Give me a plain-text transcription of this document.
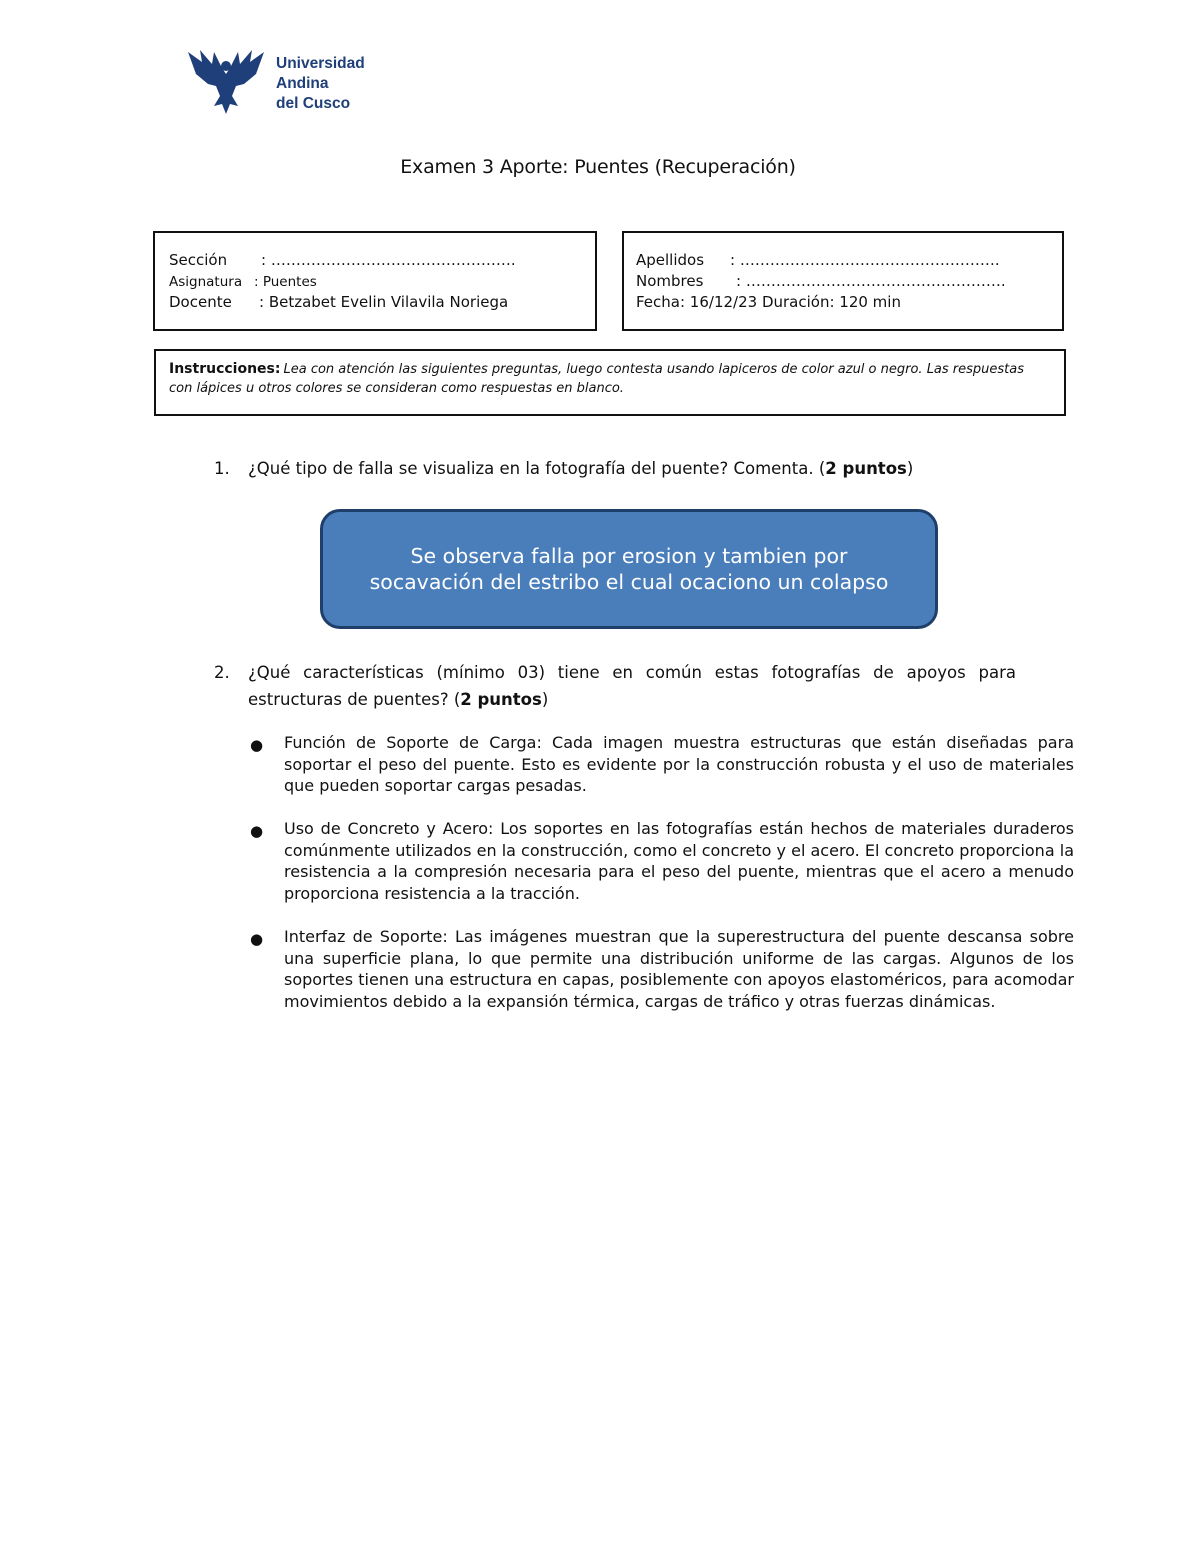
Universidad
Andina
del Cusco
Examen 3 Aporte: Puentes (Recuperación)
Sección : ………………………………………….
Asignatura : Puentes
Docente : Betzabet Evelin Vilavila Noriega
Apellidos : …………………………………………….
Nombres : …………………………………………….
Fecha: 16/12/23 Duración: 120 min
Instrucciones: Lea con atención las siguientes preguntas, luego contesta usando lapiceros de color azul o negro. Las respuestas con lápices u otros colores se consideran como respuestas en blanco.
1. ¿Qué tipo de falla se visualiza en la fotografía del puente? Comenta. (2 puntos)
Se observa falla por erosion y tambien por socavación del estribo el cual ocaciono un colapso
2. ¿Qué características (mínimo 03) tiene en común estas fotografías de apoyos para
estructuras de puentes? (2 puntos)
● Función de Soporte de Carga: Cada imagen muestra estructuras que están diseñadas para soportar el peso del puente. Esto es evidente por la construcción robusta y el uso de materiales que pueden soportar cargas pesadas.
● Uso de Concreto y Acero: Los soportes en las fotografías están hechos de materiales duraderos comúnmente utilizados en la construcción, como el concreto y el acero. El concreto proporciona la resistencia a la compresión necesaria para el peso del puente, mientras que el acero a menudo proporciona resistencia a la tracción.
● Interfaz de Soporte: Las imágenes muestran que la superestructura del puente descansa sobre una superficie plana, lo que permite una distribución uniforme de las cargas. Algunos de los soportes tienen una estructura en capas, posiblemente con apoyos elastoméricos, para acomodar movimientos debido a la expansión térmica, cargas de tráfico y otras fuerzas dinámicas.
